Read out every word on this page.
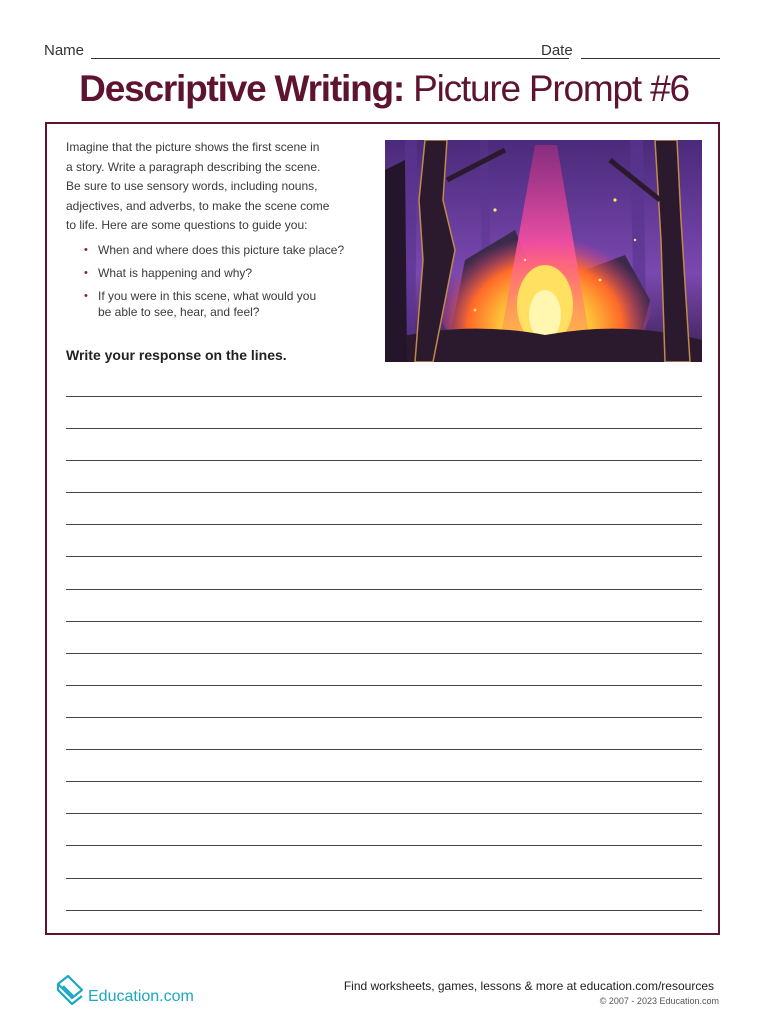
Name	Date
Descriptive Writing: Picture Prompt #6
Imagine that the picture shows the first scene in
a story. Write a paragraph describing the scene.
Be sure to use sensory words, including nouns,
adjectives, and adverbs, to make the scene come
to life. Here are some questions to guide you:
• When and where does this picture take place?
• What is happening and why?
• If you were in this scene, what would you
be able to see, hear, and feel?
Write your response on the lines.
Education.com
Find worksheets, games, lessons & more at education.com/resources
© 2007 - 2023 Education.com
